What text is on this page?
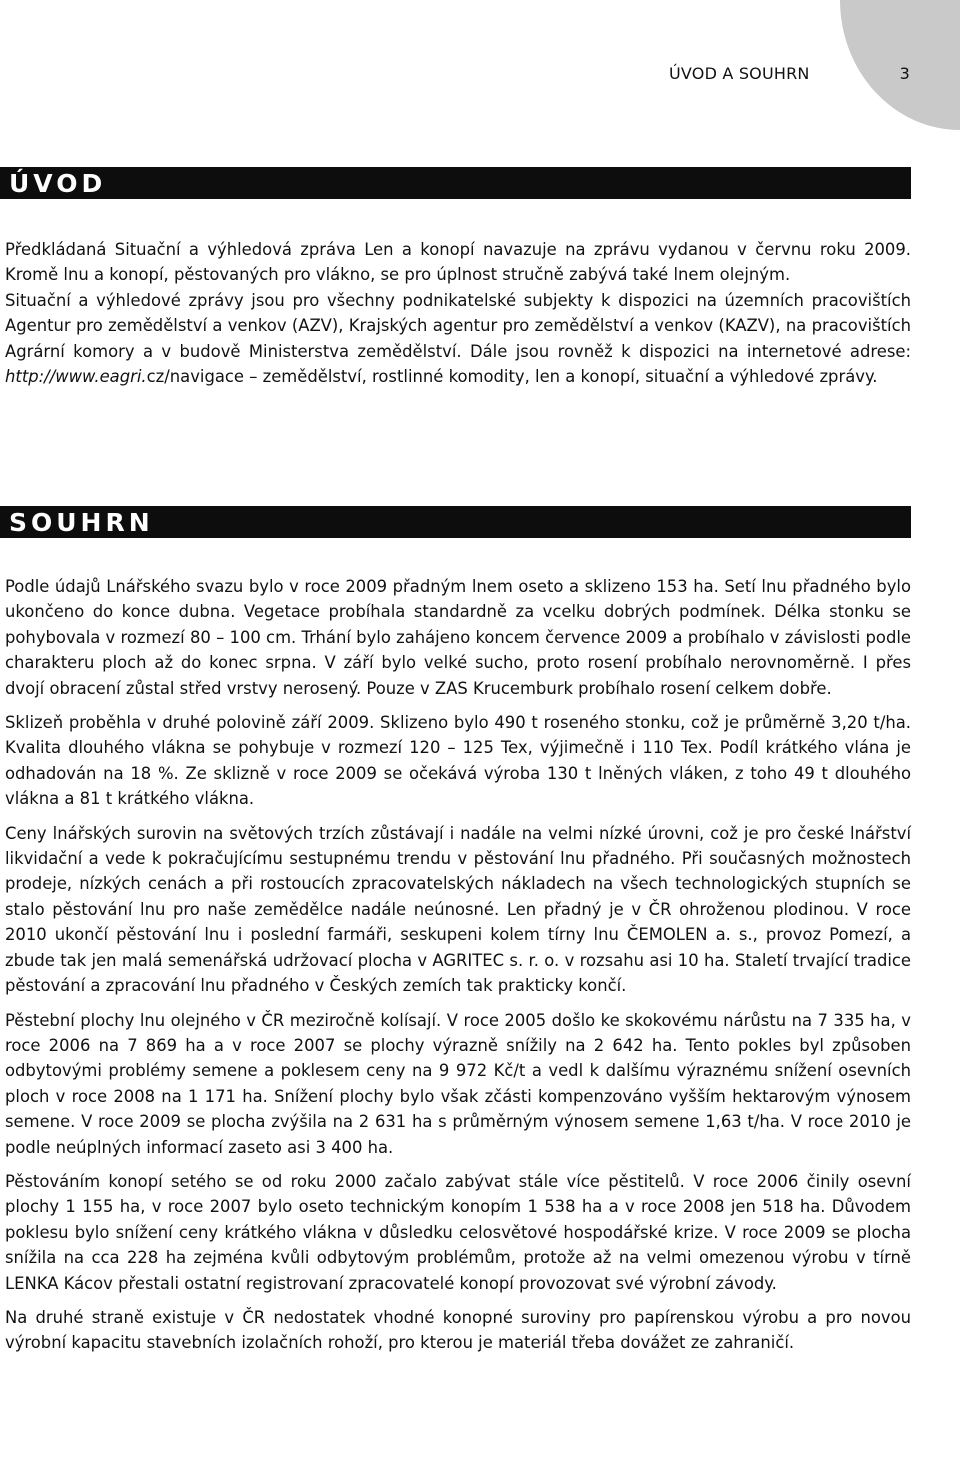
ÚVOD A SOUHRN	3
ÚVOD

Předkládaná Situační a výhledová zpráva Len a konopí navazuje na zprávu vydanou v červnu roku 2009. Kromě lnu a konopí, pěstovaných pro vlákno, se pro úplnost stručně zabývá také lnem olejným.

Situační a výhledové zprávy jsou pro všechny podnikatelské subjekty k dispozici na územních pracovištích Agentur pro zemědělství a venkov (AZV), Krajských agentur pro zemědělství a venkov (KAZV), na pracovištích Agrární komory a v budově Ministerstva zemědělství. Dále jsou rovněž k dispozici na internetové adrese: http://www.eagri.cz/navigace – zemědělství, rostlinné komodity, len a konopí, situační a výhledové zprávy.

SOUHRN

Podle údajů Lnářského svazu bylo v roce 2009 přadným lnem oseto a sklizeno 153 ha. Setí lnu přadného bylo ukončeno do konce dubna. Vegetace probíhala standardně za vcelku dobrých podmínek. Délka stonku se pohybovala v rozmezí 80 – 100 cm. Trhání bylo zahájeno koncem července 2009 a probíhalo v závislosti podle charakteru ploch až do konec srpna. V září bylo velké sucho, proto rosení probíhalo nerovnoměrně. I přes dvojí obracení zůstal střed vrstvy nerosený. Pouze v ZAS Krucemburk probíhalo rosení celkem dobře.

Sklizeň proběhla v druhé polovině září 2009. Sklizeno bylo 490 t roseného stonku, což je průměrně 3,20 t/ha. Kvalita dlouhého vlákna se pohybuje v rozmezí 120 – 125 Tex, výjimečně i 110 Tex. Podíl krátkého vlána je odhadován na 18 %. Ze sklizně v roce 2009 se očekává výroba 130 t lněných vláken, z toho 49 t dlouhého vlákna a 81 t krátkého vlákna.

Ceny lnářských surovin na světových trzích zůstávají i nadále na velmi nízké úrovni, což je pro české lnářství likvidační a vede k pokračujícímu sestupnému trendu v pěstování lnu přadného. Při současných možnostech prodeje, nízkých cenách a při rostoucích zpracovatelských nákladech na všech technologických stupních se stalo pěstování lnu pro naše zemědělce nadále neúnosné. Len přadný je v ČR ohroženou plodinou. V roce 2010 ukončí pěstování lnu i poslední farmáři, seskupeni kolem tírny lnu ČEMOLEN a. s., provoz Pomezí, a zbude tak jen malá semenářská udržovací plocha v AGRITEC s. r. o. v rozsahu asi 10 ha. Staletí trvající tradice pěstování a zpracování lnu přadného v Českých zemích tak prakticky končí.

Pěstební plochy lnu olejného v ČR meziročně kolísají. V roce 2005 došlo ke skokovému nárůstu na 7 335 ha, v roce 2006 na 7 869 ha a v roce 2007 se plochy výrazně snížily na 2 642 ha. Tento pokles byl způsoben odbytovými problémy semene a poklesem ceny na 9 972 Kč/t a vedl k dalšímu výraznému snížení osevních ploch v roce 2008 na 1 171 ha. Snížení plochy bylo však zčásti kompenzováno vyšším hektarovým výnosem semene. V roce 2009 se plocha zvýšila na 2 631 ha s průměrným výnosem semene 1,63 t/ha. V roce 2010 je podle neúplných informací zaseto asi 3 400 ha.

Pěstováním konopí setého se od roku 2000 začalo zabývat stále více pěstitelů. V roce 2006 činily osevní plochy 1 155 ha, v roce 2007 bylo oseto technickým konopím 1 538 ha a v roce 2008 jen 518 ha. Důvodem poklesu bylo snížení ceny krátkého vlákna v důsledku celosvětové hospodářské krize. V roce 2009 se plocha snížila na cca 228 ha zejména kvůli odbytovým problémům, protože až na velmi omezenou výrobu v tírně LENKA Kácov přestali ostatní registrovaní zpracovatelé konopí provozovat své výrobní závody.

Na druhé straně existuje v ČR nedostatek vhodné konopné suroviny pro papírenskou výrobu a pro novou výrobní kapacitu stavebních izolačních rohoží, pro kterou je materiál třeba dovážet ze zahraničí.
